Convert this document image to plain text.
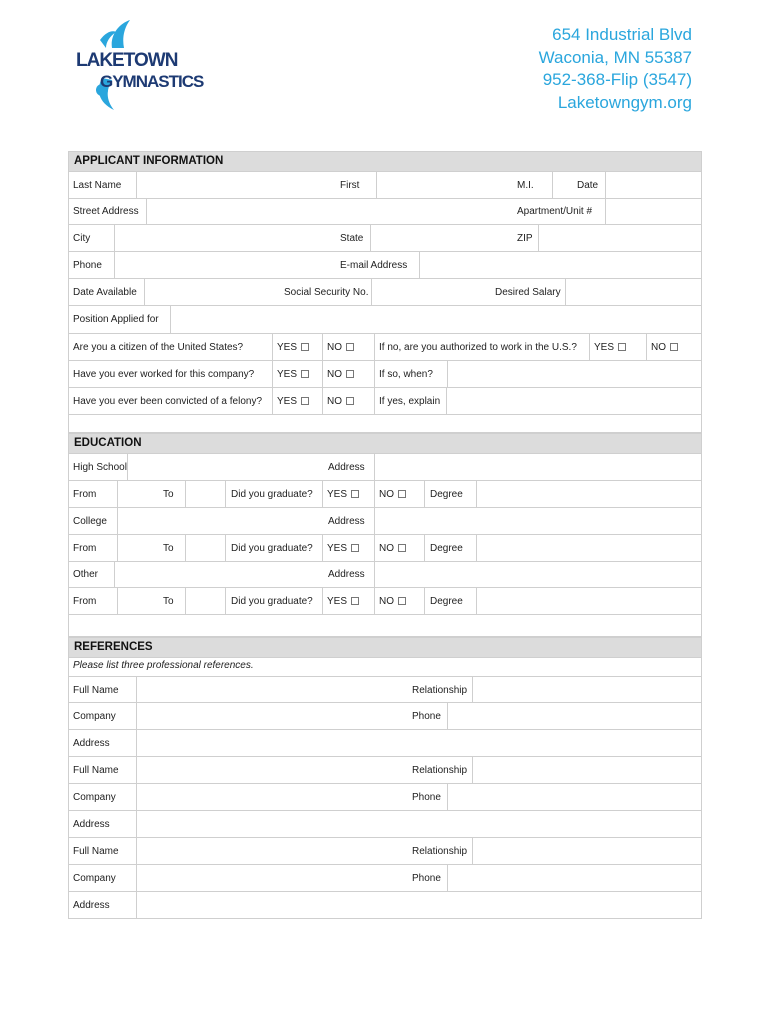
LAKETOWN
GYMNASTICS
654 Industrial Blvd
Waconia, MN 55387
952-368-Flip (3547)
Laketowngym.org
APPLICANT INFORMATION
Last Name	First	M.I.	Date
Street Address	Apartment/Unit #
City	State	ZIP
Phone	E-mail Address
Date Available	Social Security No.	Desired Salary
Position Applied for
Are you a citizen of the United States?	YES	NO	If no, are you authorized to work in the U.S.? YES	NO
Have you ever worked for this company? YES	NO	If so, when?
Have you ever been convicted of a felony? YES	NO	If yes, explain
EDUCATION
High School	Address
From	To	Did you graduate? YES	NO	Degree
College	Address
From	To	Did you graduate? YES	NO	Degree
Other	Address
From	To	Did you graduate? YES	NO	Degree
REFERENCES
Please list three professional references.
Full Name	Relationship
Company	Phone
Address
Full Name	Relationship
Company	Phone
Address
Full Name	Relationship
Company	Phone
Address
